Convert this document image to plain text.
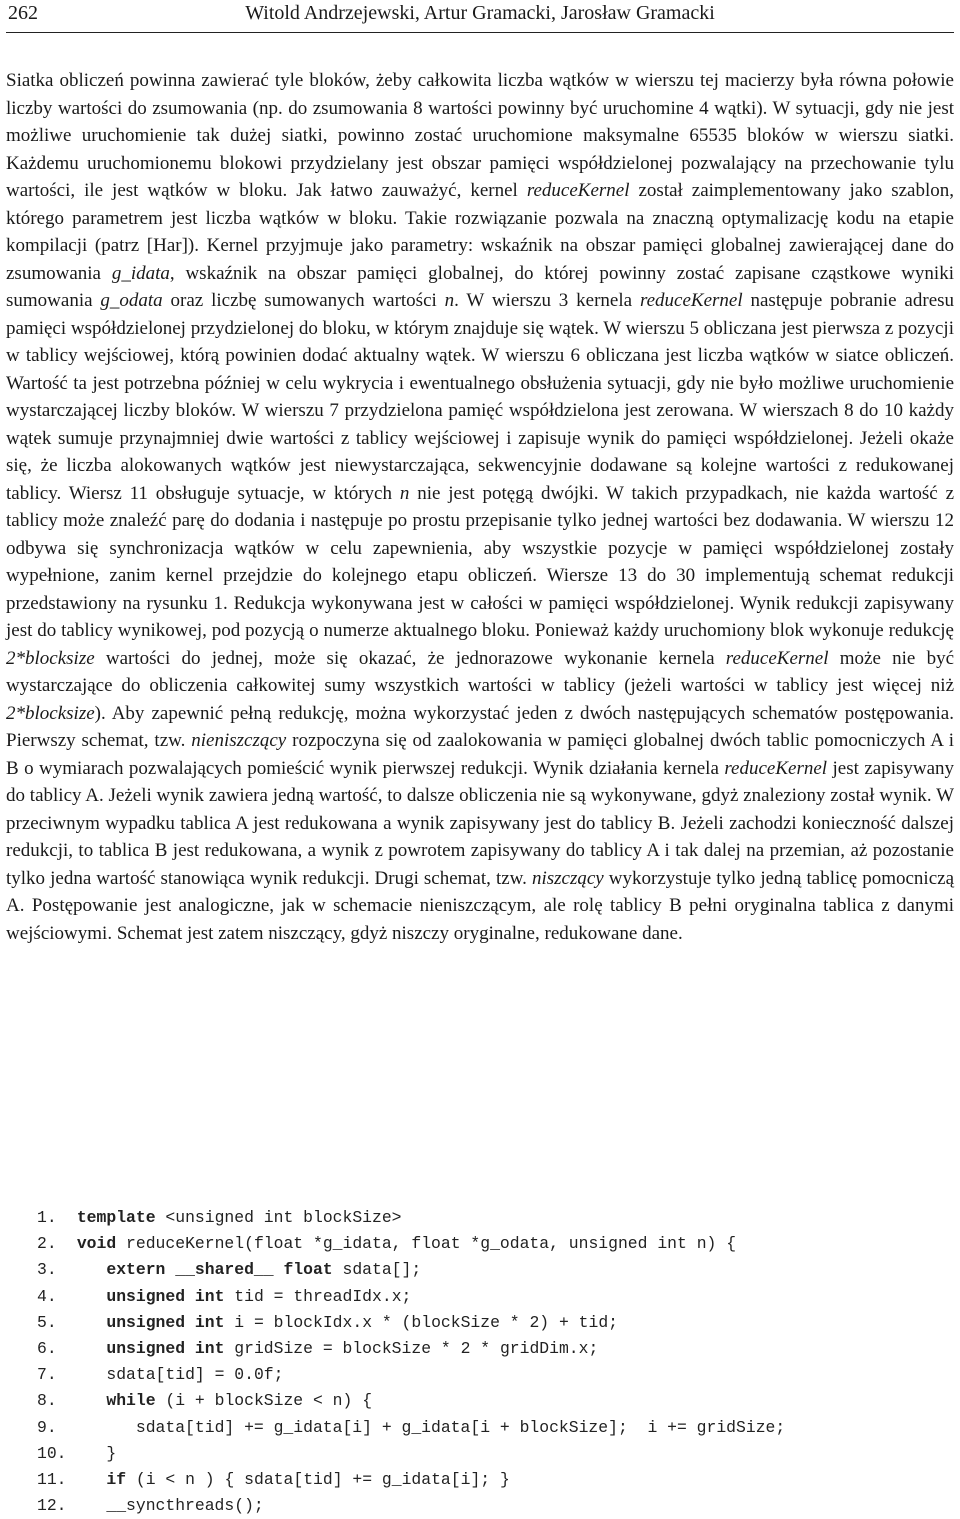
262	Witold Andrzejewski, Artur Gramacki, Jarosław Gramacki

Siatka obliczeń powinna zawierać tyle bloków, żeby całkowita liczba wątków w wierszu tej macierzy była równa połowie liczby wartości do zsumowania (np. do zsumowania 8 wartości powinny być uruchomine 4 wątki). W sytuacji, gdy nie jest możliwe uruchomienie tak dużej siatki, powinno zostać uruchomione maksymalne 65535 bloków w wierszu siatki. Każdemu uruchomionemu blokowi przydzielany jest obszar pamięci współdzielonej pozwalający na przechowanie tylu wartości, ile jest wątków w bloku. Jak łatwo zauważyć, kernel reduceKernel został zaimplementowany jako szablon, którego parametrem jest liczba wątków w bloku. Takie rozwiązanie pozwala na znaczną optymalizację kodu na etapie kompilacji (patrz [Har]). Kernel przyjmuje jako parametry: wskaźnik na obszar pamięci globalnej zawierającej dane do zsumowania g_idata, wskaźnik na obszar pamięci globalnej, do której powinny zostać zapisane cząstkowe wyniki sumowania g_odata oraz liczbę sumowanych wartości n. W wierszu 3 kernela reduceKernel następuje pobranie adresu pamięci współdzielonej przydzielonej do bloku, w którym znajduje się wątek. W wierszu 5 obliczana jest pierwsza z pozycji w tablicy wejściowej, którą powinien dodać aktualny wątek. W wierszu 6 obliczana jest liczba wątków w siatce obliczeń. Wartość ta jest potrzebna później w celu wykrycia i ewentualnego obsłużenia sytuacji, gdy nie było możliwe uruchomienie wystarczającej liczby bloków. W wierszu 7 przydzielona pamięć współdzielona jest zerowana. W wierszach 8 do 10 każdy wątek sumuje przynajmniej dwie wartości z tablicy wejściowej i zapisuje wynik do pamięci współdzielonej. Jeżeli okaże się, że liczba alokowanych wątków jest niewystarczająca, sekwencyjnie dodawane są kolejne wartości z redukowanej tablicy. Wiersz 11 obsługuje sytuacje, w których n nie jest potęgą dwójki. W takich przypadkach, nie każda wartość z tablicy może znaleźć parę do dodania i następuje po prostu przepisanie tylko jednej wartości bez dodawania. W wierszu 12 odbywa się synchronizacja wątków w celu zapewnienia, aby wszystkie pozycje w pamięci współdzielonej zostały wypełnione, zanim kernel przejdzie do kolejnego etapu obliczeń. Wiersze 13 do 30 implementują schemat redukcji przedstawiony na rysunku 1. Redukcja wykonywana jest w całości w pamięci współdzielonej. Wynik redukcji zapisywany jest do tablicy wynikowej, pod pozycją o numerze aktualnego bloku. Ponieważ każdy uruchomiony blok wykonuje redukcję 2*blocksize wartości do jednej, może się okazać, że jednorazowe wykonanie kernela reduceKernel może nie być wystarczające do obliczenia całkowitej sumy wszystkich wartości w tablicy (jeżeli wartości w tablicy jest więcej niż 2*blocksize). Aby zapewnić pełną redukcję, można wykorzystać jeden z dwóch następujących schematów postępowania. Pierwszy schemat, tzw. nieniszczący rozpoczyna się od zaalokowania w pamięci globalnej dwóch tablic pomocniczych A i B o wymiarach pozwalających pomieścić wynik pierwszej redukcji. Wynik działania kernela reduceKernel jest zapisywany do tablicy A. Jeżeli wynik zawiera jedną wartość, to dalsze obliczenia nie są wykonywane, gdyż znaleziony został wynik. W przeciwnym wypadku tablica A jest redukowana a wynik zapisywany jest do tablicy B. Jeżeli zachodzi konieczność dalszej redukcji, to tablica B jest redukowana, a wynik z powrotem zapisywany do tablicy A i tak dalej na przemian, aż pozostanie tylko jedna wartość stanowiąca wynik redukcji. Drugi schemat, tzw. niszczący wykorzystuje tylko jedną tablicę pomocniczą A. Postępowanie jest analogiczne, jak w schemacie nieniszczącym, ale rolę tablicy B pełni oryginalna tablica z danymi wejściowymi. Schemat jest zatem niszczący, gdyż niszczy oryginalne, redukowane dane.

1. template <unsigned int blockSize>
2. void reduceKernel(float *g_idata, float *g_odata, unsigned int n) {
3.	extern __shared__ float sdata[];
4.	unsigned int tid = threadIdx.x;
5.	unsigned int i = blockIdx.x * (blockSize * 2) + tid;
6.	unsigned int gridSize = blockSize * 2 * gridDim.x;
7.	sdata[tid] = 0.0f;
8.	while (i + blockSize < n) {
9.	sdata[tid] += g_idata[i] + g_idata[i + blockSize];  i += gridSize;
10. }
11. if (i < n ) { sdata[tid] += g_idata[i]; }
12. __syncthreads();
